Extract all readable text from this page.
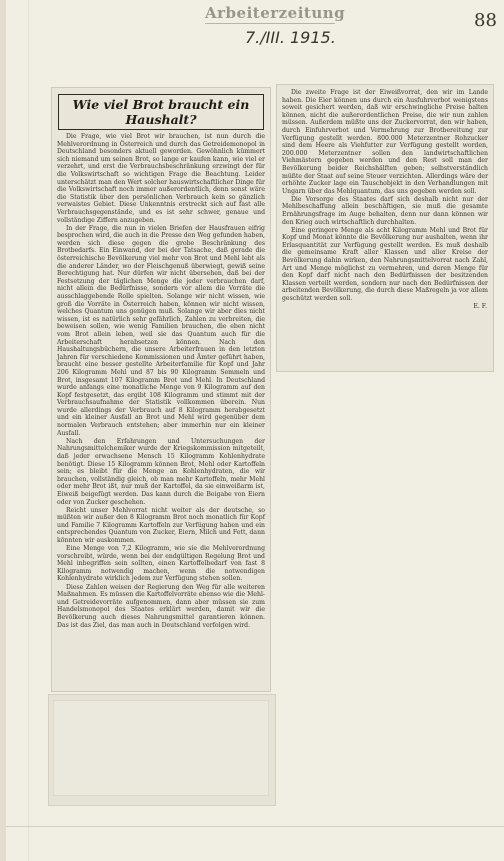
Arbeiterzeitung	88
7./III. 1915.
Wie viel Brot braucht ein Haushalt?

Die Frage, wie viel Brot wir brauchen, ist nun durch die Mehlverordnung in Österreich und durch das Getreidemonopol in Deutschland besonders aktuell geworden. Gewöhnlich kümmert sich niemand um seinen Brot, so lange er kaufen kann, wie viel er verzehrt, und erst die Verbrauchsbeschränkung erzwingt der für die Volkswirtschaft so wichtigen Frage die Beachtung. Leider unterschätzt man den Wert solcher hauswirtschaftlicher Dinge für die Volkswirtschaft noch immer außerordentlich, denn sonst wäre die Statistik über den persönlichen Verbrauch kein so gänzlich verwaistes Gebiet. Diese Unkenntnis erstreckt sich auf fast alle Verbrauchsgegenstände, und es ist sehr schwer, genaue und vollständige Ziffern anzugeben.

In der Frage, die nun in vielen Briefen der Hausfrauen eifrig besprochen wird, die auch in die Presse den Weg gefunden haben, werden sich diese gegen die grobe Beschränkung des Brotbedarfs. Ein Einwand, der bei der Tatsache, daß gerade die österreichische Bevölkerung viel mehr von Brot und Mehl lebt als die anderer Länder, wo der Fleischgenuß überwiegt, gewiß seine Berechtigung hat. Nur dürfen wir nicht übersehen, daß bei der Festsetzung der täglichen Menge die jeder verbrauchen darf, nicht allein die Bedürfnisse, sondern vor allem die Vorräte die ausschlaggebende Rolle spielten. Solange wir nicht wissen, wie groß die Vorräte in Österreich haben, können wir nicht wissen, welches Quantum uns genügen muß. Solange wir aber dies nicht wissen, ist es natürlich sehr gefährlich, Zahlen zu verbreiten, die beweisen sollen, wie wenig Familien brauchen, die eben nicht vom Brot allein leben, weil sie das Quantum auch für die Arbeiterschaft herabsetzen können. Nach den Haushaltungsbüchern, die unsere Arbeiterfrauen in den letzten Jahren für verschiedene Kommissionen und Ämter geführt haben, braucht eine besser gestellte Arbeiterfamilie für Kopf und Jahr 206 Kilogramm Mehl und 87 bis 90 Kilogramm Semmeln und Brot, insgesamt 107 Kilogramm Brot und Mehl. In Deutschland wurde anfangs eine monatliche Menge von 9 Kilogramm auf den Kopf festgesetzt, das ergibt 108 Kilogramm und stimmt mit der Verbrauchsaufnahme der Statistik vollkommen überein. Nun wurde allerdings der Verbrauch auf 8 Kilogramm herabgesetzt und ein kleiner Ausfall an Brot und Mehl wird gegenüber dem normalen Verbrauch entstehen; aber immerhin nur ein kleiner Ausfall.

Nach den Erfahrungen und Untersuchungen der Nahrungsmittelchemiker wurde der Kriegskommission mitgeteilt, daß jeder erwachsene Mensch 15 Kilogramm Kohlenhydrate benötigt. Diese 15 Kilogramm können Brot, Mehl oder Kartoffeln sein; es bleibt für die Menge an Kohlenhydraten, die wir brauchen, vollständig gleich, ob man mehr Kartoffeln, mehr Mehl oder mehr Brot ißt, nur muß der Kartoffel, da sie einweißarm ist, Eiweiß beigefügt werden. Das kann durch die Beigabe von Eiern oder von Zucker geschehen.

Reicht unser Mehlvorrat nicht weiter als der deutsche, so müßten wir außer den 8 Kilogramm Brot noch monatlich für Kopf und Familie 7 Kilogramm Kartoffeln zur Verfügung haben und ein entsprechendes Quantum von Zucker, Eiern, Milch und Fett, dann könnten wir auskommen.

Eine Menge von 7,2 Kilogramm, wie sie die Mehlverordnung vorschreibt, würde, wenn bei der endgültigen Regelung Brot und Mehl inbegriffen sein sollten, einen Kartoffelbedarf von fast 8 Kilogramm notwendig machen, wenn die notwendigen Kohlenhydrate wirklich jedem zur Verfügung stehen sollen.

Diese Zahlen weisen der Regierung den Weg für alle weiteren Maßnahmen. Es müssen die Kartoffelvorräte ebenso wie die Mehl- und Getreidevorräte aufgenommen, dann aber müssen sie zum Handelsmonopol des Staates erklärt werden, damit wir die Bevölkerung auch dieses Nahrungsmittel garantieren können. Das ist das Ziel, das man auch in Deutschland verfolgen wird.

Die zweite Frage ist der Eiweißvorrat, den wir im Lande haben. Die Eier können uns durch ein Ausfuhrverbot wenigstens soweit gesichert werden, daß wir erschwingliche Preise halten können, nicht die außerordentlichen Preise, die wir nun zahlen müssen. Außerdem müßte uns der Zuckervorrat, den wir haben, durch Einfuhrverbot und Vermehrung zur Brotbereitung zur Verfügung gestellt werden. 800.000 Meterzentner Rohzucker sind dem Heere als Viehfutter zur Verfügung gestellt worden, 200.000 Meterzentner sollen den landwirtschaftlichen Viehmästern gegeben werden und den Rest soll man der Bevölkerung beider Reichshälften geben; selbstverständlich müßte der Staat auf seine Steuer verzichten. Allerdings wäre der erhöhte Zucker lage ein Tauschobjekt in den Verhandlungen mit Ungarn über das Mehlquantum, das uns gegeben werden soll.

Die Vorsorge des Staates darf sich deshalb nicht nur der Mehlbeschaffung allein beschäftigen, sie muß die gesamte Ernährungsfrage im Auge behalten, denn nur dann können wir den Krieg auch wirtschaftlich durchhalten.

Eine geringere Menge als acht Kilogramm Mehl und Brot für Kopf und Monat könnte die Bevölkerung nur aushalten, wenn ihr Erlasquantität zur Verfügung gestellt werden. Es muß deshalb die gemeinsame Kraft aller Klassen und aller Kreise der Bevölkerung dahin wirken, den Nahrungsmittelvorrat nach Zahl, Art und Menge möglichst zu vermehren, und deren Menge für den Kopf darf nicht nach den Bedürfnissen der besitzenden Klassen verteilt werden, sondern nur nach den Bedürfnissen der arbeitenden Bevölkerung, die durch diese Maßregeln ja vor allem geschützt werden soll.

E. F.
